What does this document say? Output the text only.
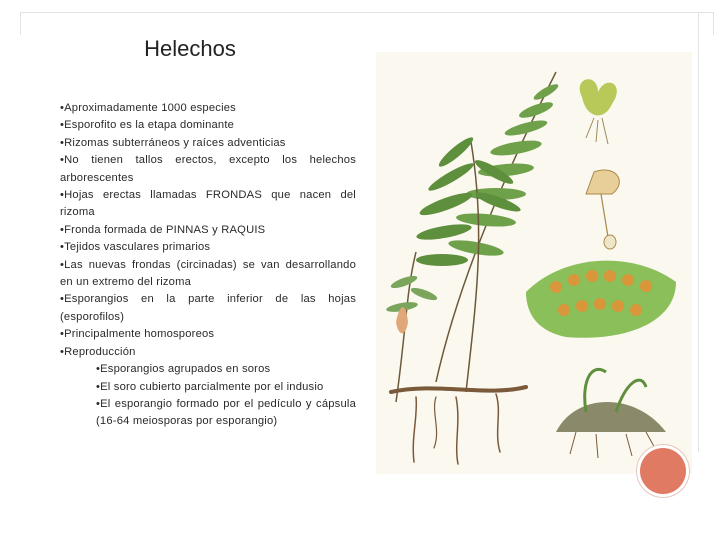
Helechos

•Aproximadamente 1000 especies

•Esporofito es la etapa dominante

•Rizomas subterráneos y raíces adventicias

•No tienen tallos erectos, excepto los helechos arborescentes

•Hojas erectas llamadas FRONDAS que nacen del rizoma

•Fronda formada de PINNAS y RAQUIS

•Tejidos vasculares primarios

•Las nuevas frondas (circinadas) se van desarrollando en un extremo del rizoma

•Esporangios en la parte inferior de las hojas (esporofilos)

•Principalmente homosporeos

•Reproducción

•Esporangios agrupados en soros

•El soro cubierto parcialmente por el indusio

•El esporangio formado por el pedículo y cápsula (16-64 meiosporas por esporangio)
